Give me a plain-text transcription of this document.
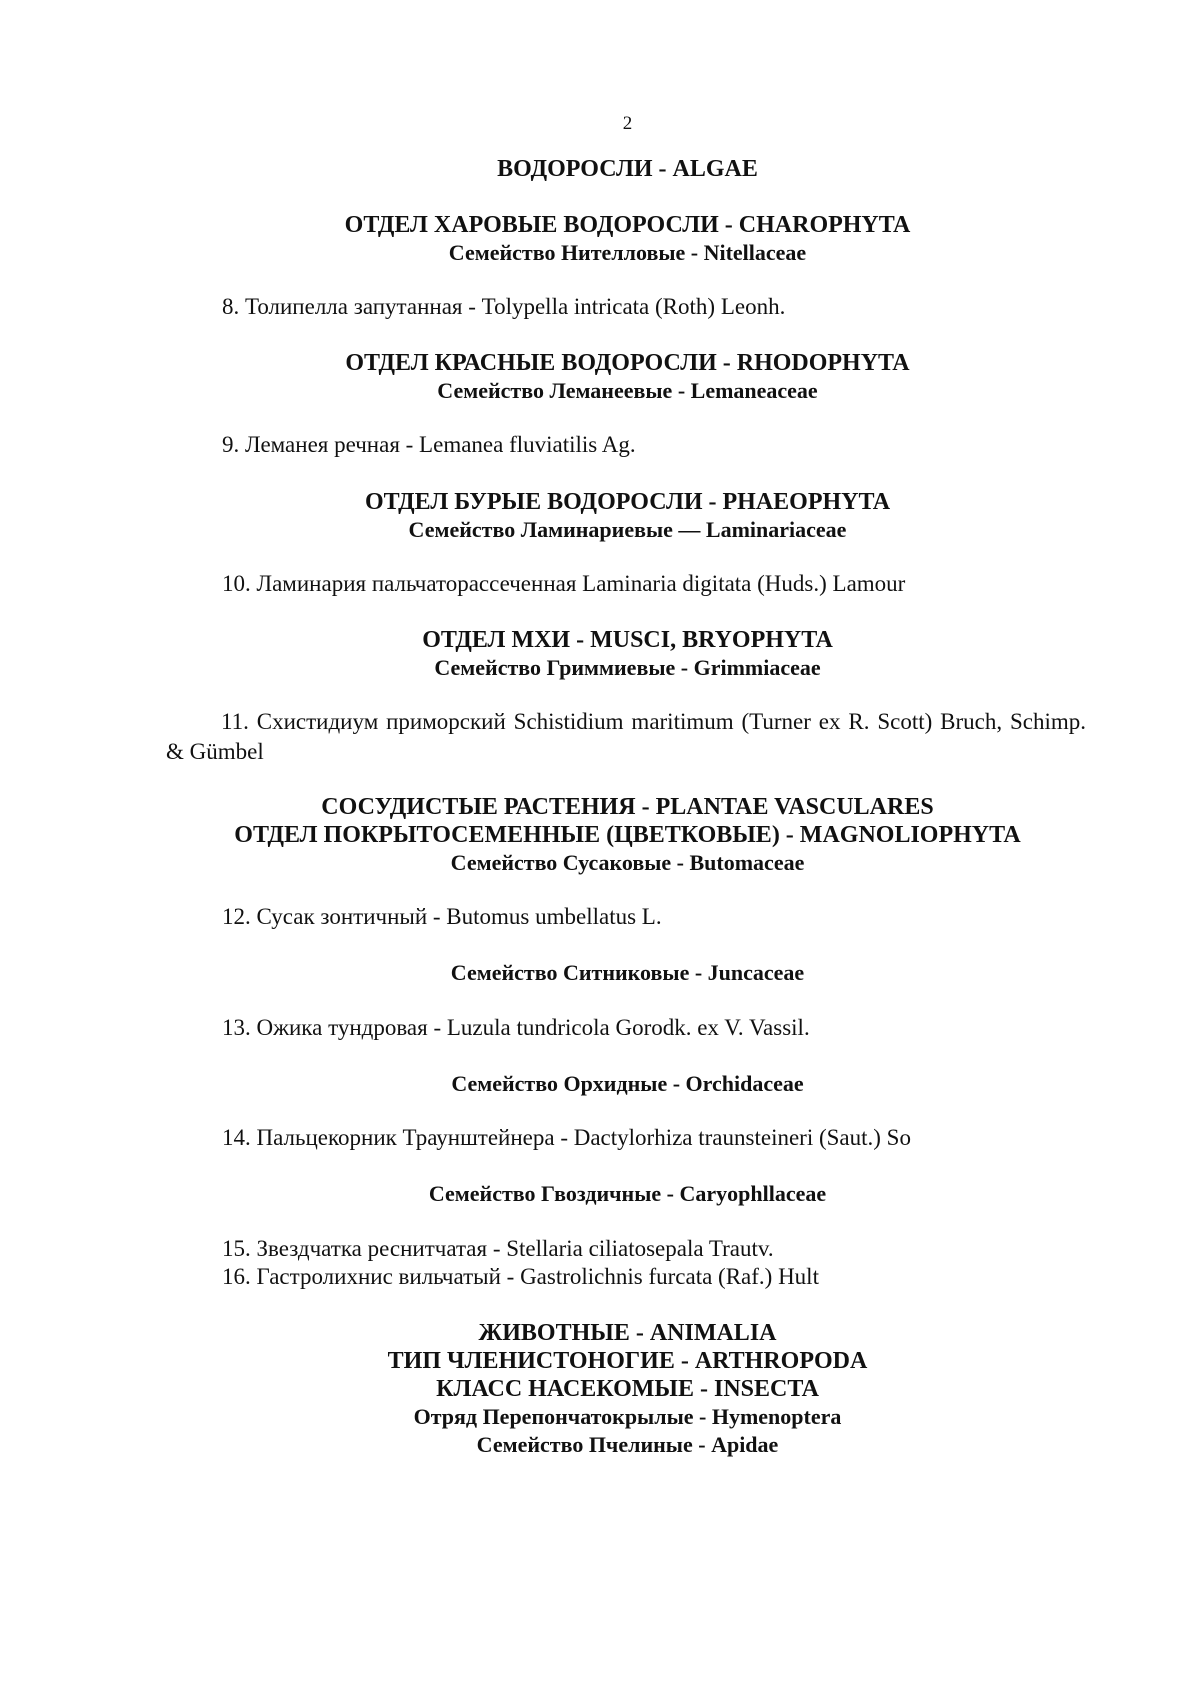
2
ВОДОРОСЛИ - ALGAE
ОТДЕЛ ХАРОВЫЕ ВОДОРОСЛИ - CHAROPHYTA
Семейство Нителловые - Nitellaceae
8. Толипелла запутанная - Tolypella intricata (Roth) Leonh.
ОТДЕЛ КРАСНЫЕ ВОДОРОСЛИ - RHODOPHYTA
Семейство Леманеевые - Lemaneaceae
9. Леманея речная - Lemanea fluviatilis Ag.
ОТДЕЛ БУРЫЕ ВОДОРОСЛИ - PHAEOPHYTA
Семейство Ламинариевые — Laminariaceae
10. Ламинария пальчаторассеченная Laminaria digitata (Huds.) Lamour
ОТДЕЛ МХИ - MUSCI, BRYOPHYTA
Семейство Гриммиевые - Grimmiaceae
11. Схистидиум приморский Schistidium maritimum (Turner ex R. Scott) Bruch, Schimp. & Gümbel
СОСУДИСТЫЕ РАСТЕНИЯ - PLANTAE VASCULARES
ОТДЕЛ ПОКРЫТОСЕМЕННЫЕ (ЦВЕТКОВЫЕ) - MAGNOLIOPHYTA
Семейство Сусаковые - Butomaceae
12. Сусак зонтичный - Butomus umbellatus L.
Семейство Ситниковые - Juncaceae
13. Ожика тундровая - Luzula tundricola Gorodk. ex V. Vassil.
Семейство Орхидные - Orchidaceae
14. Пальцекорник Траунштейнера - Dactylorhiza traunsteineri (Saut.) So
Семейство Гвоздичные - Caryophllaceae
15. Звездчатка реснитчатая - Stellaria ciliatosepala Trautv.
16. Гастролихнис вильчатый - Gastrolichnis furcata (Raf.) Hult
ЖИВОТНЫЕ - ANIMALIA
ТИП ЧЛЕНИСТОНОГИЕ - ARTHROPODA
КЛАСС НАСЕКОМЫЕ - INSECTA
Отряд Перепончатокрылые - Hymenoptera
Семейство Пчелиные - Apidae
